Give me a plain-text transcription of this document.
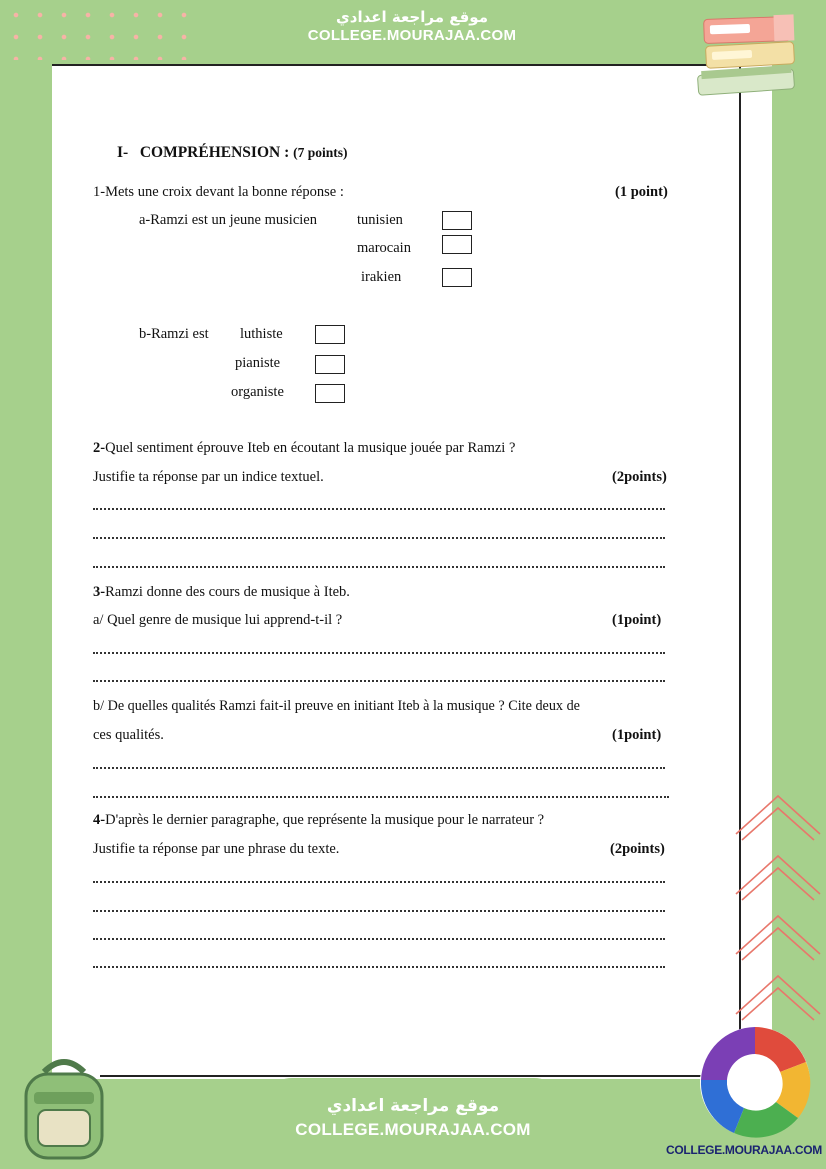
موقع مراجعة اعدادي
COLLEGE.MOURAJAA.COM
I- COMPRÉHENSION : (7 points)
1-Mets une croix devant la bonne réponse :	(1 point)
a-Ramzi est un jeune musicien	tunisien
marocain
irakien
b-Ramzi est luthiste
pianiste
organiste
2-Quel sentiment éprouve Iteb en écoutant la musique jouée par Ramzi ?
Justifie ta réponse par un indice textuel.	(2points)
3-Ramzi donne des cours de musique à Iteb.
a/ Quel genre de musique lui apprend-t-il ?	(1point)
b/ De quelles qualités Ramzi fait-il preuve en initiant Iteb à la musique ? Cite deux de
ces qualités.	(1point)
4-D'après le dernier paragraphe, que représente la musique pour le narrateur ?
Justifie ta réponse par une phrase du texte.	(2points)
COLLEGE.MOURAJAA.COM
موقع مراجعة اعدادي
COLLEGE.MOURAJAA.COM
